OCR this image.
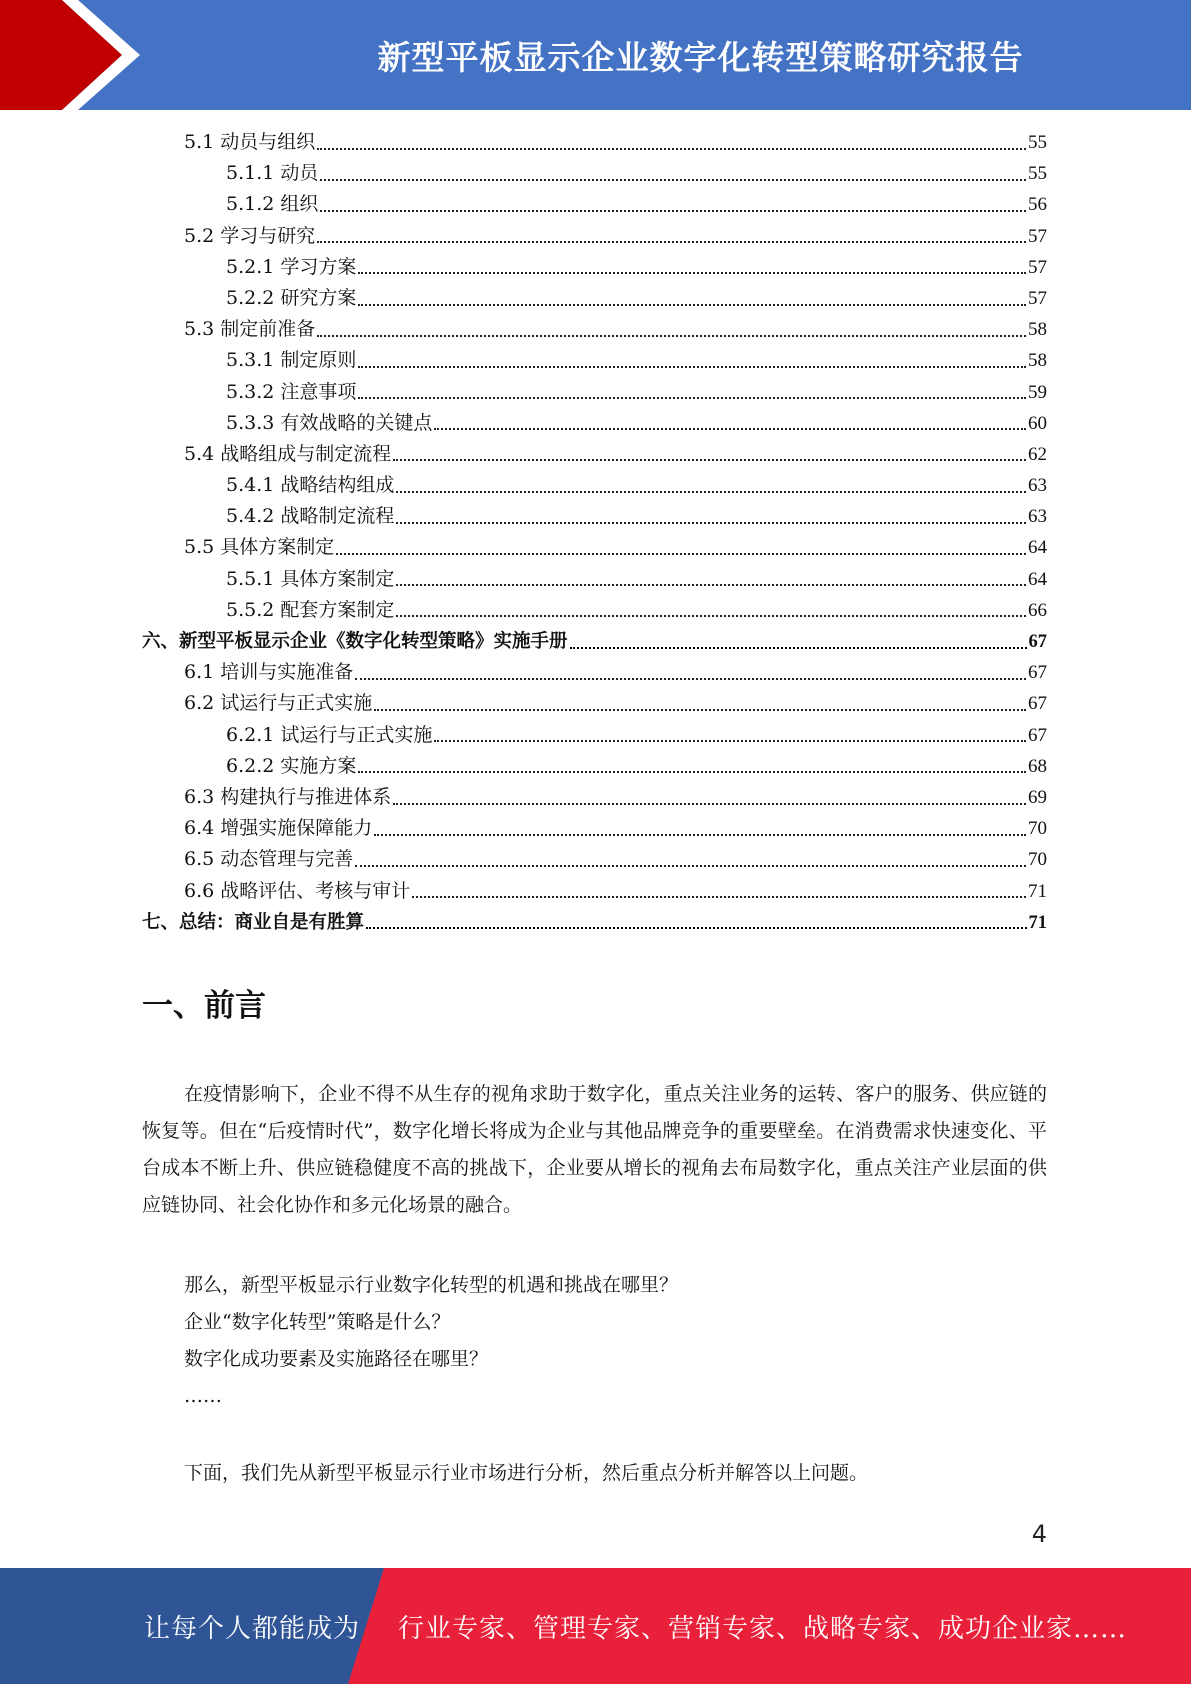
新型平板显示企业数字化转型策略研究报告
5.1 动员与组织	55
5.1.1 动员	55
5.1.2 组织	56
5.2 学习与研究	57
5.2.1 学习方案	57
5.2.2 研究方案	57
5.3 制定前准备	58
5.3.1 制定原则	58
5.3.2 注意事项	59
5.3.3 有效战略的关键点	60
5.4 战略组成与制定流程	62
5.4.1 战略结构组成	63
5.4.2 战略制定流程	63
5.5 具体方案制定	64
5.5.1 具体方案制定	64
5.5.2 配套方案制定	66
六、新型平板显示企业《数字化转型策略》实施手册	67
6.1 培训与实施准备	67
6.2 试运行与正式实施	67
6.2.1 试运行与正式实施	67
6.2.2 实施方案	68
6.3 构建执行与推进体系	69
6.4 增强实施保障能力	70
6.5 动态管理与完善	70
6.6 战略评估、考核与审计	71
七、总结：商业自是有胜算	71
一、前言

在疫情影响下，企业不得不从生存的视角求助于数字化，重点关注业务的运转、客户的服务、供应链的恢复等。但在“后疫情时代”，数字化增长将成为企业与其他品牌竞争的重要壁垒。在消费需求快速变化、平台成本不断上升、供应链稳健度不高的挑战下，企业要从增长的视角去布局数字化，重点关注产业层面的供应链协同、社会化协作和多元化场景的融合。

那么，新型平板显示行业数字化转型的机遇和挑战在哪里？

企业“数字化转型”策略是什么？

数字化成功要素及实施路径在哪里？

……

下面，我们先从新型平板显示行业市场进行分析，然后重点分析并解答以上问题。

4
让每个人都能成为 行业专家、管理专家、营销专家、战略专家、成功企业家……
